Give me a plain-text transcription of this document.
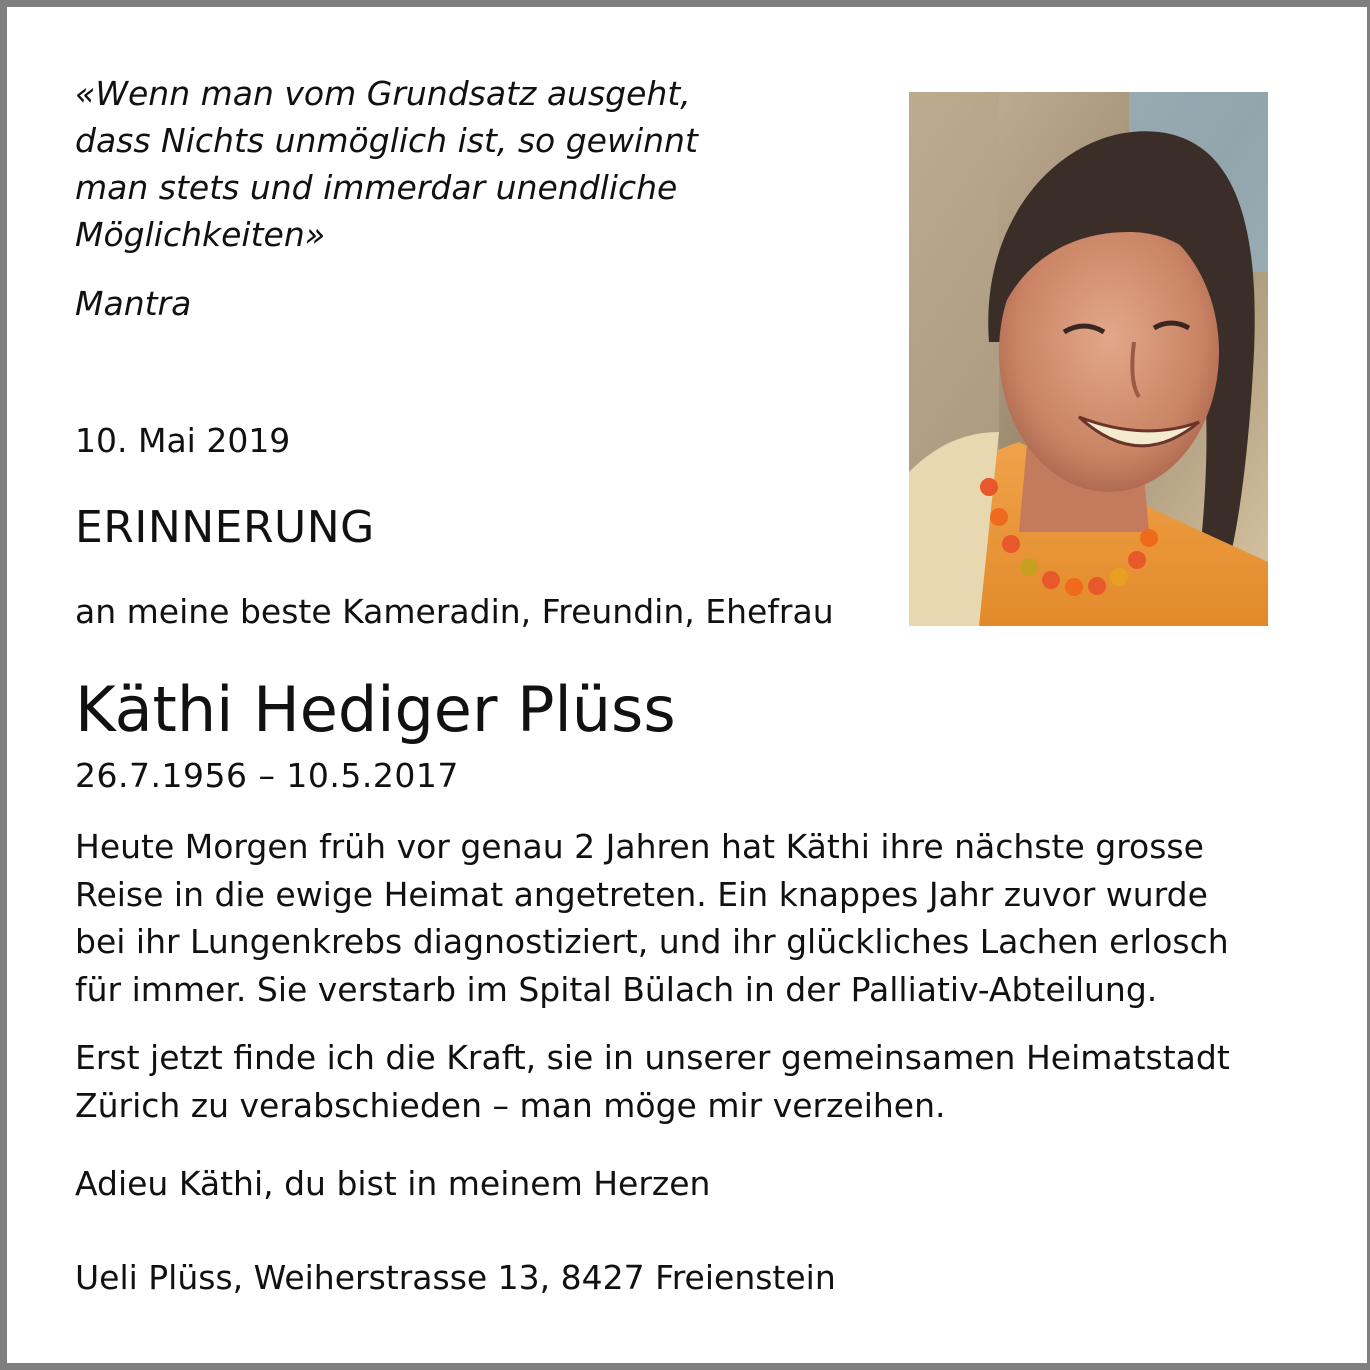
«Wenn man vom Grundsatz ausgeht,
dass Nichts unmöglich ist, so gewinnt
man stets und immerdar unendliche
Möglichkeiten»
Mantra
10. Mai 2019
ERINNERUNG
an meine beste Kameradin, Freundin, Ehefrau
Käthi Hediger Plüss
26.7.1956 – 10.5.2017
Heute Morgen früh vor genau 2 Jahren hat Käthi ihre nächste grosse
Reise in die ewige Heimat angetreten. Ein knappes Jahr zuvor wurde
bei ihr Lungenkrebs diagnostiziert, und ihr glückliches Lachen erlosch
für immer. Sie verstarb im Spital Bülach in der Palliativ-Abteilung.
Erst jetzt finde ich die Kraft, sie in unserer gemeinsamen Heimatstadt
Zürich zu verabschieden – man möge mir verzeihen.
Adieu Käthi, du bist in meinem Herzen
Ueli Plüss, Weiherstrasse 13, 8427 Freienstein
